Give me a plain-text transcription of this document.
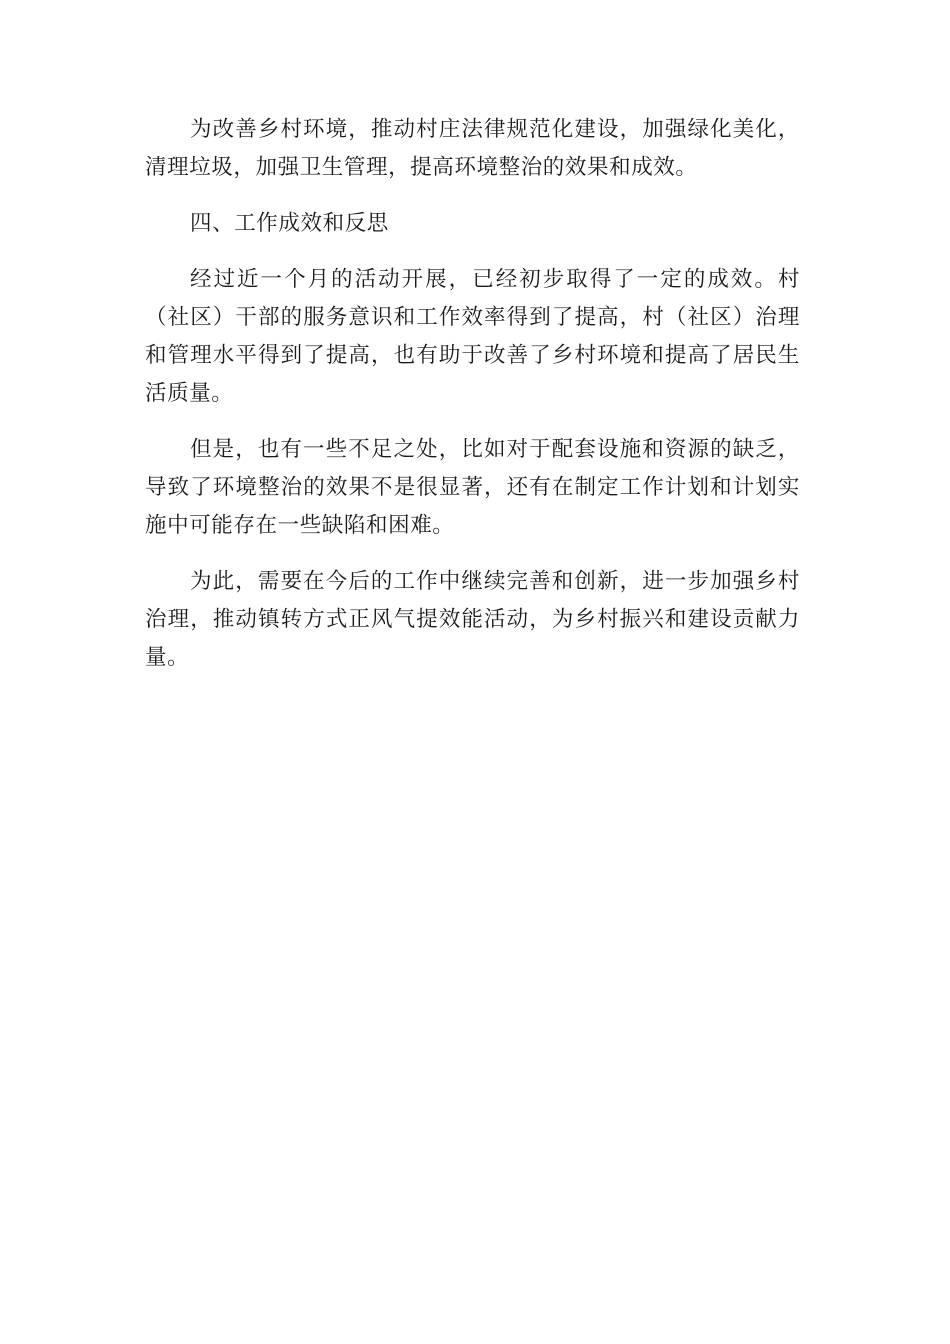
为改善乡村环境，推动村庄法律规范化建设，加强绿化美化，清理垃圾，加强卫生管理，提高环境整治的效果和成效。

四、工作成效和反思

经过近一个月的活动开展，已经初步取得了一定的成效。村（社区）干部的服务意识和工作效率得到了提高，村（社区）治理和管理水平得到了提高，也有助于改善了乡村环境和提高了居民生活质量。

但是，也有一些不足之处，比如对于配套设施和资源的缺乏，导致了环境整治的效果不是很显著，还有在制定工作计划和计划实施中可能存在一些缺陷和困难。

为此，需要在今后的工作中继续完善和创新，进一步加强乡村治理，推动镇转方式正风气提效能活动，为乡村振兴和建设贡献力量。
